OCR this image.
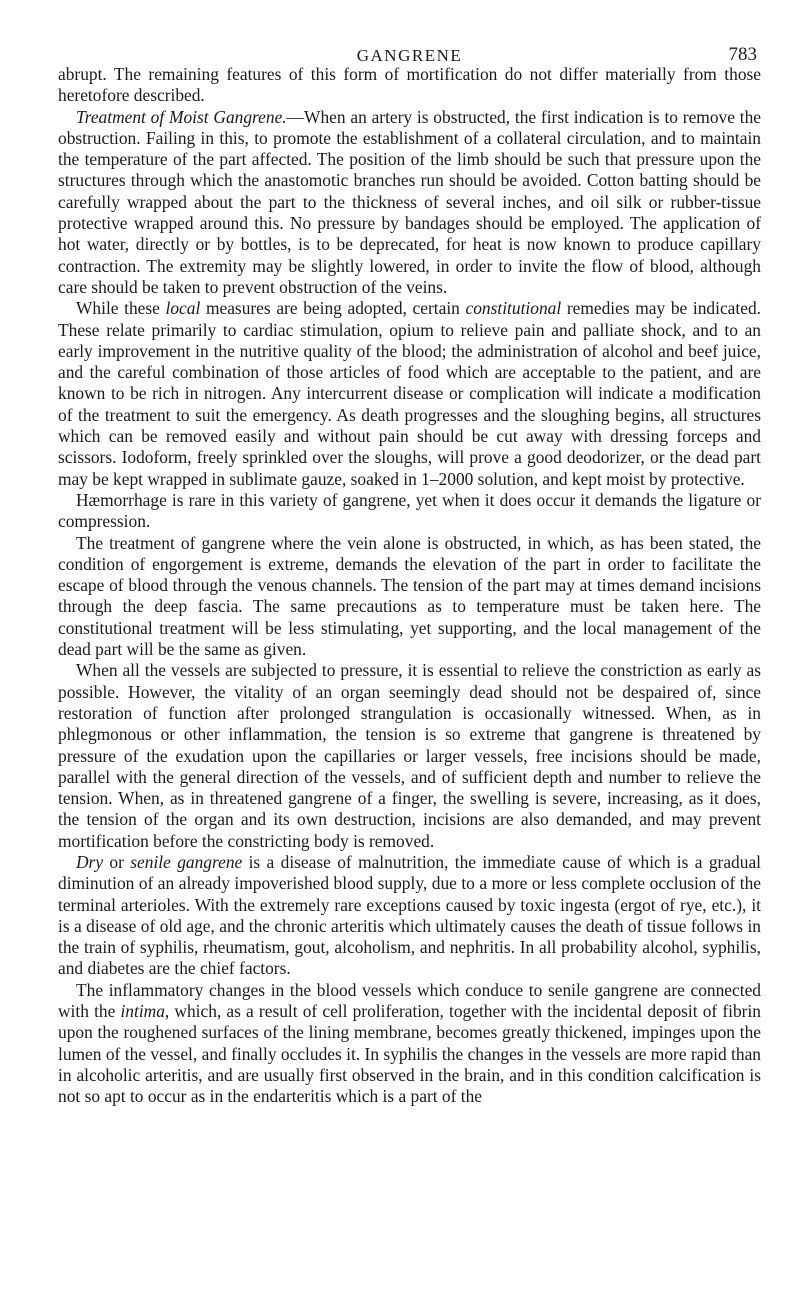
GANGRENE	783

abrupt. The remaining features of this form of mortification do not differ materially from those heretofore described.

Treatment of Moist Gangrene.—When an artery is obstructed, the first indication is to remove the obstruction. Failing in this, to promote the establishment of a collateral circulation, and to maintain the temperature of the part affected. The position of the limb should be such that pressure upon the structures through which the anastomotic branches run should be avoided. Cotton batting should be carefully wrapped about the part to the thickness of several inches, and oil silk or rubber-tissue protective wrapped around this. No pressure by bandages should be employed. The application of hot water, directly or by bottles, is to be deprecated, for heat is now known to produce capillary contraction. The extremity may be slightly lowered, in order to invite the flow of blood, although care should be taken to prevent obstruction of the veins.

While these local measures are being adopted, certain constitutional remedies may be indicated. These relate primarily to cardiac stimulation, opium to relieve pain and palliate shock, and to an early improvement in the nutritive quality of the blood; the administration of alcohol and beef juice, and the careful combination of those articles of food which are acceptable to the patient, and are known to be rich in nitrogen. Any intercurrent disease or complication will indicate a modification of the treatment to suit the emergency. As death progresses and the sloughing begins, all structures which can be removed easily and without pain should be cut away with dressing forceps and scissors. Iodoform, freely sprinkled over the sloughs, will prove a good deodorizer, or the dead part may be kept wrapped in sublimate gauze, soaked in 1–2000 solution, and kept moist by protective.

Hæmorrhage is rare in this variety of gangrene, yet when it does occur it demands the ligature or compression.

The treatment of gangrene where the vein alone is obstructed, in which, as has been stated, the condition of engorgement is extreme, demands the elevation of the part in order to facilitate the escape of blood through the venous channels. The tension of the part may at times demand incisions through the deep fascia. The same precautions as to temperature must be taken here. The constitutional treatment will be less stimulating, yet supporting, and the local management of the dead part will be the same as given.

When all the vessels are subjected to pressure, it is essential to relieve the constriction as early as possible. However, the vitality of an organ seemingly dead should not be despaired of, since restoration of function after prolonged strangulation is occasionally witnessed. When, as in phlegmonous or other inflammation, the tension is so extreme that gangrene is threatened by pressure of the exudation upon the capillaries or larger vessels, free incisions should be made, parallel with the general direction of the vessels, and of sufficient depth and number to relieve the tension. When, as in threatened gangrene of a finger, the swelling is severe, increasing, as it does, the tension of the organ and its own destruction, incisions are also demanded, and may prevent mortification before the constricting body is removed.

Dry or senile gangrene is a disease of malnutrition, the immediate cause of which is a gradual diminution of an already impoverished blood supply, due to a more or less complete occlusion of the terminal arterioles. With the extremely rare exceptions caused by toxic ingesta (ergot of rye, etc.), it is a disease of old age, and the chronic arteritis which ultimately causes the death of tissue follows in the train of syphilis, rheumatism, gout, alcoholism, and nephritis. In all probability alcohol, syphilis, and diabetes are the chief factors.

The inflammatory changes in the blood vessels which conduce to senile gangrene are connected with the intima, which, as a result of cell proliferation, together with the incidental deposit of fibrin upon the roughened surfaces of the lining membrane, becomes greatly thickened, impinges upon the lumen of the vessel, and finally occludes it. In syphilis the changes in the vessels are more rapid than in alcoholic arteritis, and are usually first observed in the brain, and in this condition calcification is not so apt to occur as in the endarteritis which is a part of the
